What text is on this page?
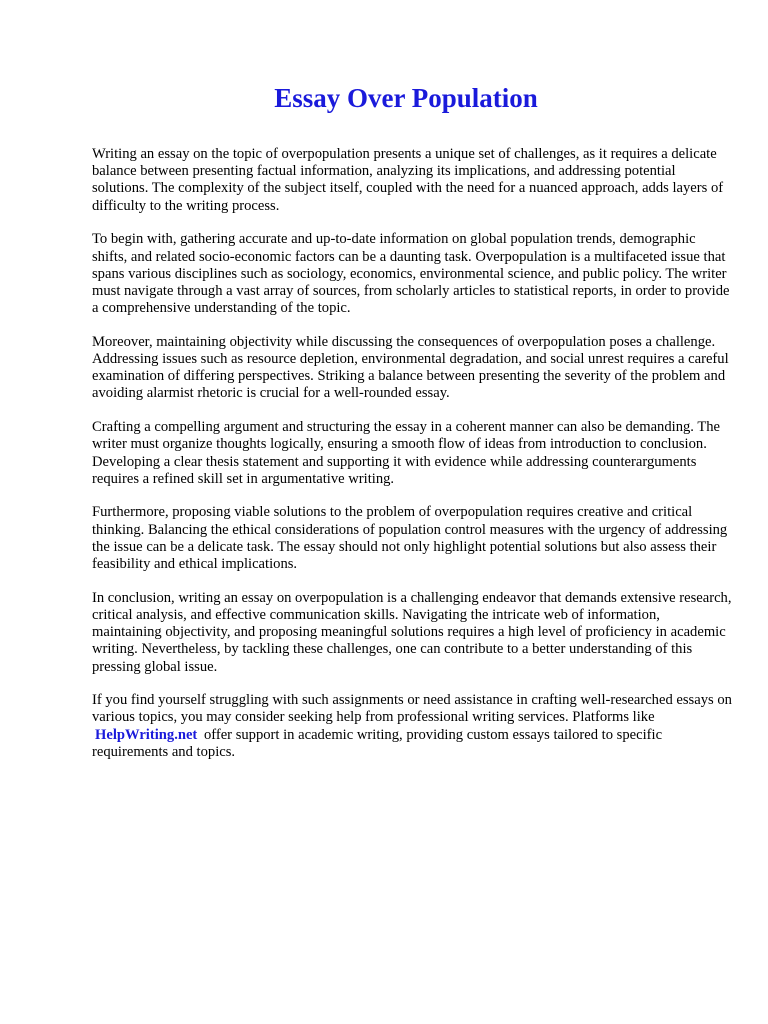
Essay Over Population

Writing an essay on the topic of overpopulation presents a unique set of challenges, as it requires a delicate balance between presenting factual information, analyzing its implications, and addressing potential solutions. The complexity of the subject itself, coupled with the need for a nuanced approach, adds layers of difficulty to the writing process.

To begin with, gathering accurate and up-to-date information on global population trends, demographic shifts, and related socio-economic factors can be a daunting task. Overpopulation is a multifaceted issue that spans various disciplines such as sociology, economics, environmental science, and public policy. The writer must navigate through a vast array of sources, from scholarly articles to statistical reports, in order to provide a comprehensive understanding of the topic.

Moreover, maintaining objectivity while discussing the consequences of overpopulation poses a challenge. Addressing issues such as resource depletion, environmental degradation, and social unrest requires a careful examination of differing perspectives. Striking a balance between presenting the severity of the problem and avoiding alarmist rhetoric is crucial for a well-rounded essay.

Crafting a compelling argument and structuring the essay in a coherent manner can also be demanding. The writer must organize thoughts logically, ensuring a smooth flow of ideas from introduction to conclusion. Developing a clear thesis statement and supporting it with evidence while addressing counterarguments requires a refined skill set in argumentative writing.

Furthermore, proposing viable solutions to the problem of overpopulation requires creative and critical thinking. Balancing the ethical considerations of population control measures with the urgency of addressing the issue can be a delicate task. The essay should not only highlight potential solutions but also assess their feasibility and ethical implications.

In conclusion, writing an essay on overpopulation is a challenging endeavor that demands extensive research, critical analysis, and effective communication skills. Navigating the intricate web of information, maintaining objectivity, and proposing meaningful solutions requires a high level of proficiency in academic writing. Nevertheless, by tackling these challenges, one can contribute to a better understanding of this pressing global issue.

If you find yourself struggling with such assignments or need assistance in crafting well-researched essays on various topics, you may consider seeking help from professional writing services. Platforms like HelpWriting.net offer support in academic writing, providing custom essays tailored to specific requirements and topics.
